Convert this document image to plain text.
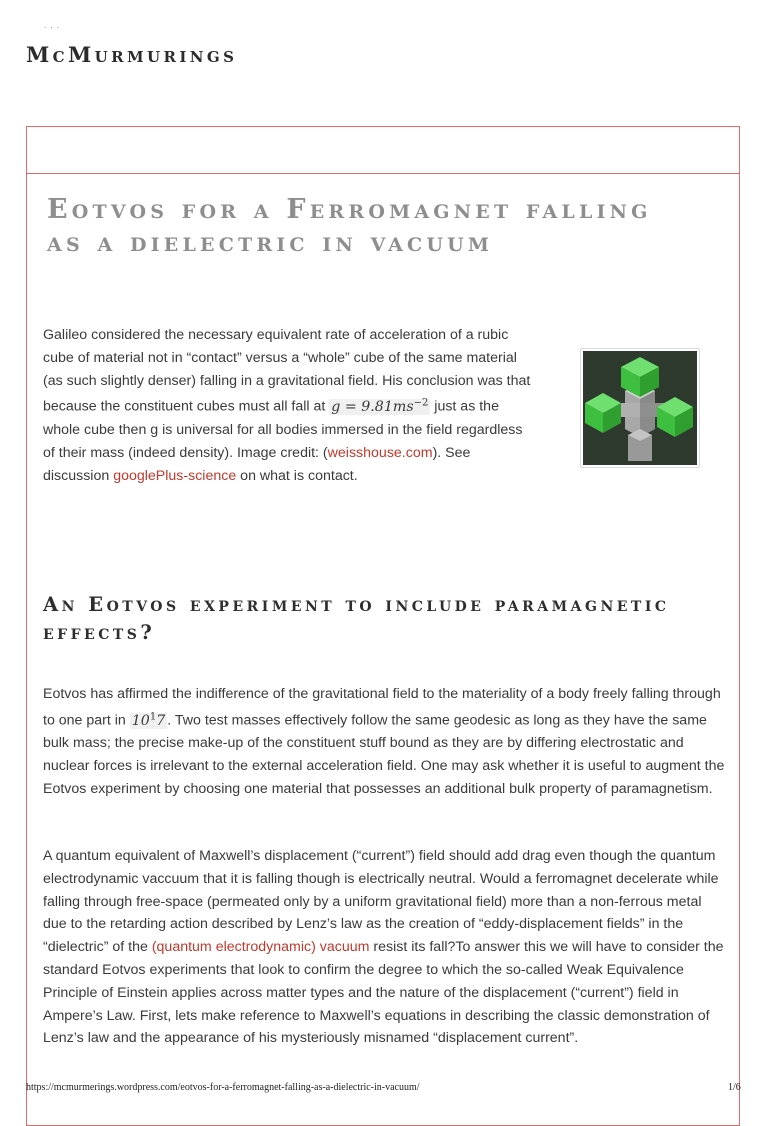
· · ·
McMurmurings
Eotvos for a Ferromagnet falling as a dielectric in vacuum

Galileo considered the necessary equivalent rate of acceleration of a rubic cube of material not in “contact” versus a “whole” cube of the same material (as such slightly denser) falling in a gravitational field. His conclusion was that because the constituent cubes must all fall at $g = 9.81ms^{-2}$ just as the whole cube then g is universal for all bodies immersed in the field regardless of their mass (indeed density). Image credit: (weisshouse.com). See discussion googlePlus-science on what is contact.

An Eotvos experiment to include paramagnetic effects?

Eotvos has affirmed the indifference of the gravitational field to the materiality of a body freely falling through to one part in $10^17$ . Two test masses effectively follow the same geodesic as long as they have the same bulk mass; the precise make-up of the constituent stuff bound as they are by differing electrostatic and nuclear forces is irrelevant to the external acceleration field. One may ask whether it is useful to augment the Eotvos experiment by choosing one material that possesses an additional bulk property of paramagnetism.

A quantum equivalent of Maxwell’s displacement (“current”) field should add drag even though the quantum electrodynamic vaccuum that it is falling though is electrically neutral. Would a ferromagnet decelerate while falling through free-space (permeated only by a uniform gravitational field) more than a non-ferrous metal due to the retarding action described by Lenz’s law as the creation of “eddy-displacement fields” in the “dielectric” of the (quantum electrodynamic) vacuum resist its fall?To answer this we will have to consider the standard Eotvos experiments that look to confirm the degree to which the so-called Weak Equivalence Principle of Einstein applies across matter types and the nature of the displacement (“current”) field in Ampere’s Law. First, lets make reference to Maxwell’s equations in describing the classic demonstration of Lenz’s law and the appearance of his mysteriously misnamed “displacement current”.

https://mcmurmerings.wordpress.com/eotvos-for-a-ferromagnet-falling-as-a-dielectric-in-vacuum/	1/6
